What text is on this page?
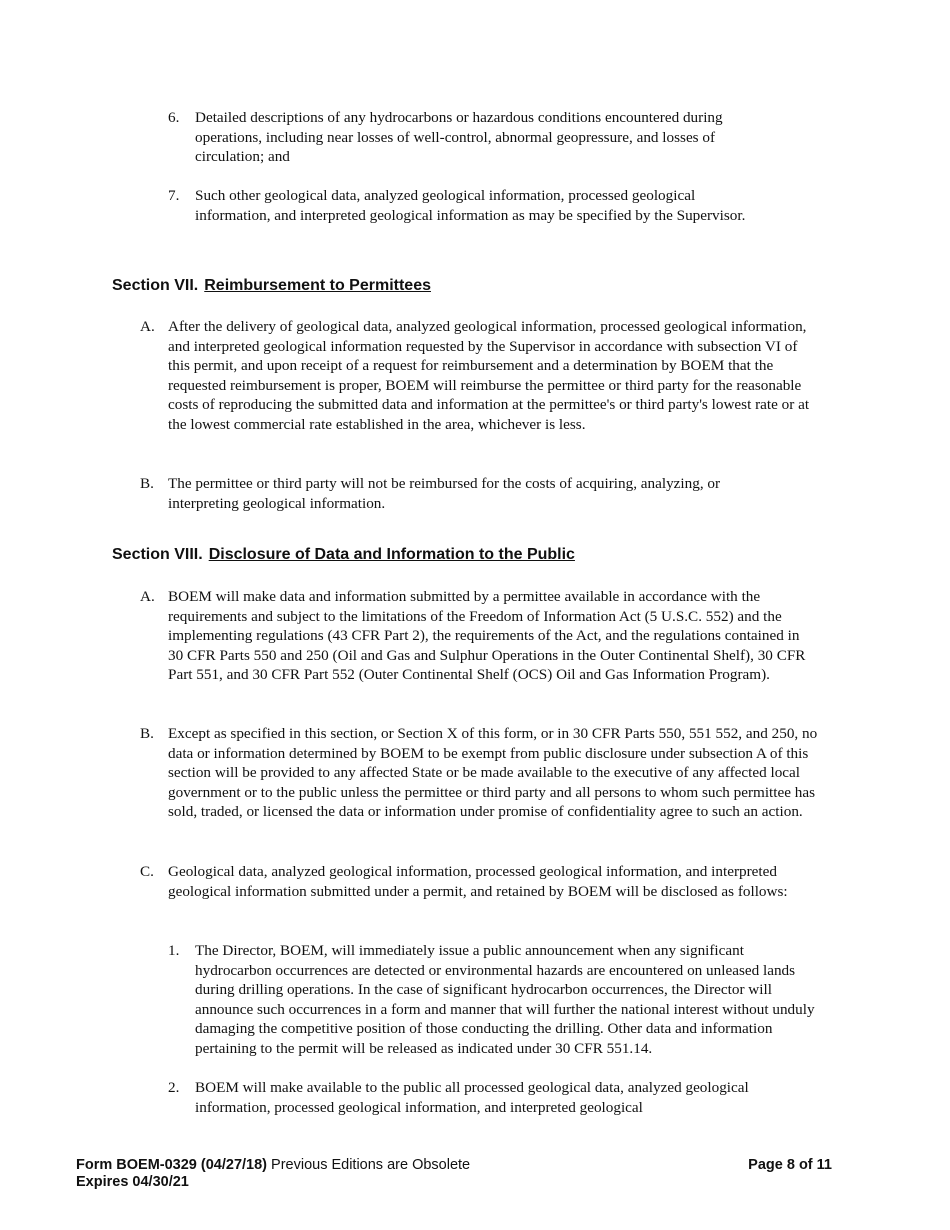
6.	Detailed descriptions of any hydrocarbons or hazardous conditions encountered during operations, including near losses of well-control, abnormal geopressure, and losses of circulation; and
7.	Such other geological data, analyzed geological information, processed geological information, and interpreted geological information as may be specified by the Supervisor.
Section VII. Reimbursement to Permittees
A. After the delivery of geological data, analyzed geological information, processed geological information, and interpreted geological information requested by the Supervisor in accordance with subsection VI of this permit, and upon receipt of a request for reimbursement and a determination by BOEM that the requested reimbursement is proper, BOEM will reimburse the permittee or third party for the reasonable costs of reproducing the submitted data and information at the permittee's or third party's lowest rate or at the lowest commercial rate established in the area, whichever is less.
B. The permittee or third party will not be reimbursed for the costs of acquiring, analyzing, or interpreting geological information.
Section VIII. Disclosure of Data and Information to the Public
A. BOEM will make data and information submitted by a permittee available in accordance with the requirements and subject to the limitations of the Freedom of Information Act (5 U.S.C. 552) and the implementing regulations (43 CFR Part 2), the requirements of the Act, and the regulations contained in 30 CFR Parts 550 and 250 (Oil and Gas and Sulphur Operations in the Outer Continental Shelf), 30 CFR Part 551, and 30 CFR Part 552 (Outer Continental Shelf (OCS) Oil and Gas Information Program).
B. Except as specified in this section, or Section X of this form, or in 30 CFR Parts 550, 551 552, and 250, no data or information determined by BOEM to be exempt from public disclosure under subsection A of this section will be provided to any affected State or be made available to the executive of any affected local government or to the public unless the permittee or third party and all persons to whom such permittee has sold, traded, or licensed the data or information under promise of confidentiality agree to such an action.
C. Geological data, analyzed geological information, processed geological information, and interpreted geological information submitted under a permit, and retained by BOEM will be disclosed as follows:
1.	The Director, BOEM, will immediately issue a public announcement when any significant hydrocarbon occurrences are detected or environmental hazards are encountered on unleased lands during drilling operations. In the case of significant hydrocarbon occurrences, the Director will announce such occurrences in a form and manner that will further the national interest without unduly damaging the competitive position of those conducting the drilling. Other data and information pertaining to the permit will be released as indicated under 30 CFR 551.14.
2.	BOEM will make available to the public all processed geological data, analyzed geological information, processed geological information, and interpreted geological
Form BOEM-0329 (04/27/18) Previous Editions are Obsolete
Expires 04/30/21
Page 8 of 11
